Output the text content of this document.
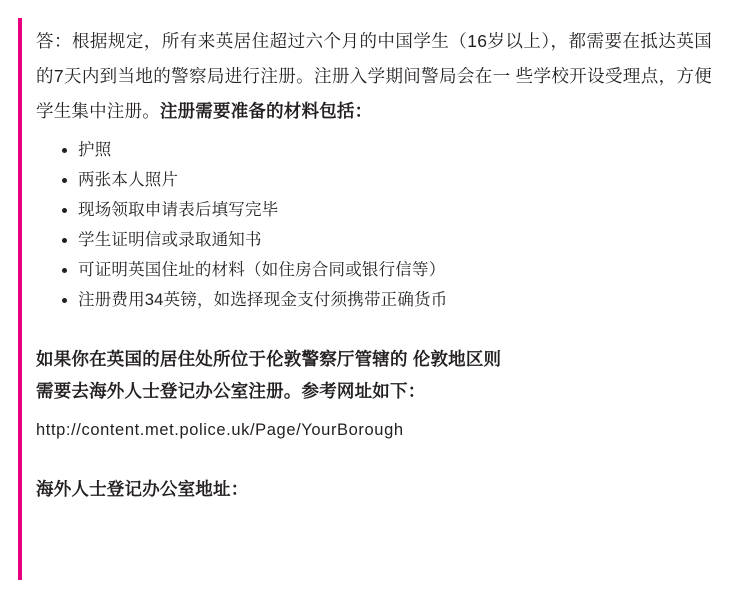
答：根据规定，所有来英居住超过六个月的中国学生（16岁以上），都需要在抵达英国的7天内到当地的警察局进行注册。注册入学期间警局会在一 些学校开设受理点，方便学生集中注册。注册需要准备的材料包括：

护照
两张本人照片
现场领取申请表后填写完毕
学生证明信或录取通知书
可证明英国住址的材料（如住房合同或银行信等）
注册费用34英镑，如选择现金支付须携带正确货币

如果你在英国的居住处所位于伦敦警察厅管辖的 伦敦地区则

需要去海外人士登记办公室注册。参考网址如下：

http://content.met.police.uk/Page/YourBorough

海外人士登记办公室地址：
